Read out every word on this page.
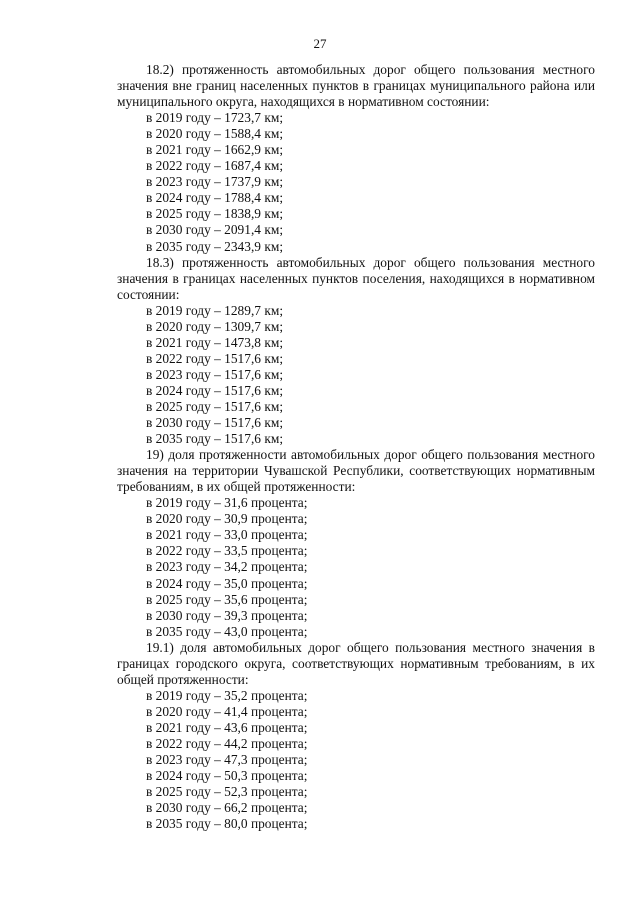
27

18.2) протяженность автомобильных дорог общего пользования местного значения вне границ населенных пунктов в границах муниципального района или муниципального округа, находящихся в нормативном состоянии:

в 2019 году – 1723,7 км;

в 2020 году – 1588,4 км;

в 2021 году – 1662,9 км;

в 2022 году – 1687,4 км;

в 2023 году – 1737,9 км;

в 2024 году – 1788,4 км;

в 2025 году – 1838,9 км;

в 2030 году – 2091,4 км;

в 2035 году – 2343,9 км;

18.3) протяженность автомобильных дорог общего пользования местного значения в границах населенных пунктов поселения, находящихся в нормативном состоянии:

в 2019 году – 1289,7 км;

в 2020 году – 1309,7 км;

в 2021 году – 1473,8 км;

в 2022 году – 1517,6 км;

в 2023 году – 1517,6 км;

в 2024 году – 1517,6 км;

в 2025 году – 1517,6 км;

в 2030 году – 1517,6 км;

в 2035 году – 1517,6 км;

19) доля протяженности автомобильных дорог общего пользования местного значения на территории Чувашской Республики, соответствующих нормативным требованиям, в их общей протяженности:

в 2019 году – 31,6 процента;

в 2020 году – 30,9 процента;

в 2021 году – 33,0 процента;

в 2022 году – 33,5 процента;

в 2023 году – 34,2 процента;

в 2024 году – 35,0 процента;

в 2025 году – 35,6 процента;

в 2030 году – 39,3 процента;

в 2035 году – 43,0 процента;

19.1) доля автомобильных дорог общего пользования местного значения в границах городского округа, соответствующих нормативным требованиям, в их общей протяженности:

в 2019 году – 35,2 процента;

в 2020 году – 41,4 процента;

в 2021 году – 43,6 процента;

в 2022 году – 44,2 процента;

в 2023 году – 47,3 процента;

в 2024 году – 50,3 процента;

в 2025 году – 52,3 процента;

в 2030 году – 66,2 процента;

в 2035 году – 80,0 процента;
